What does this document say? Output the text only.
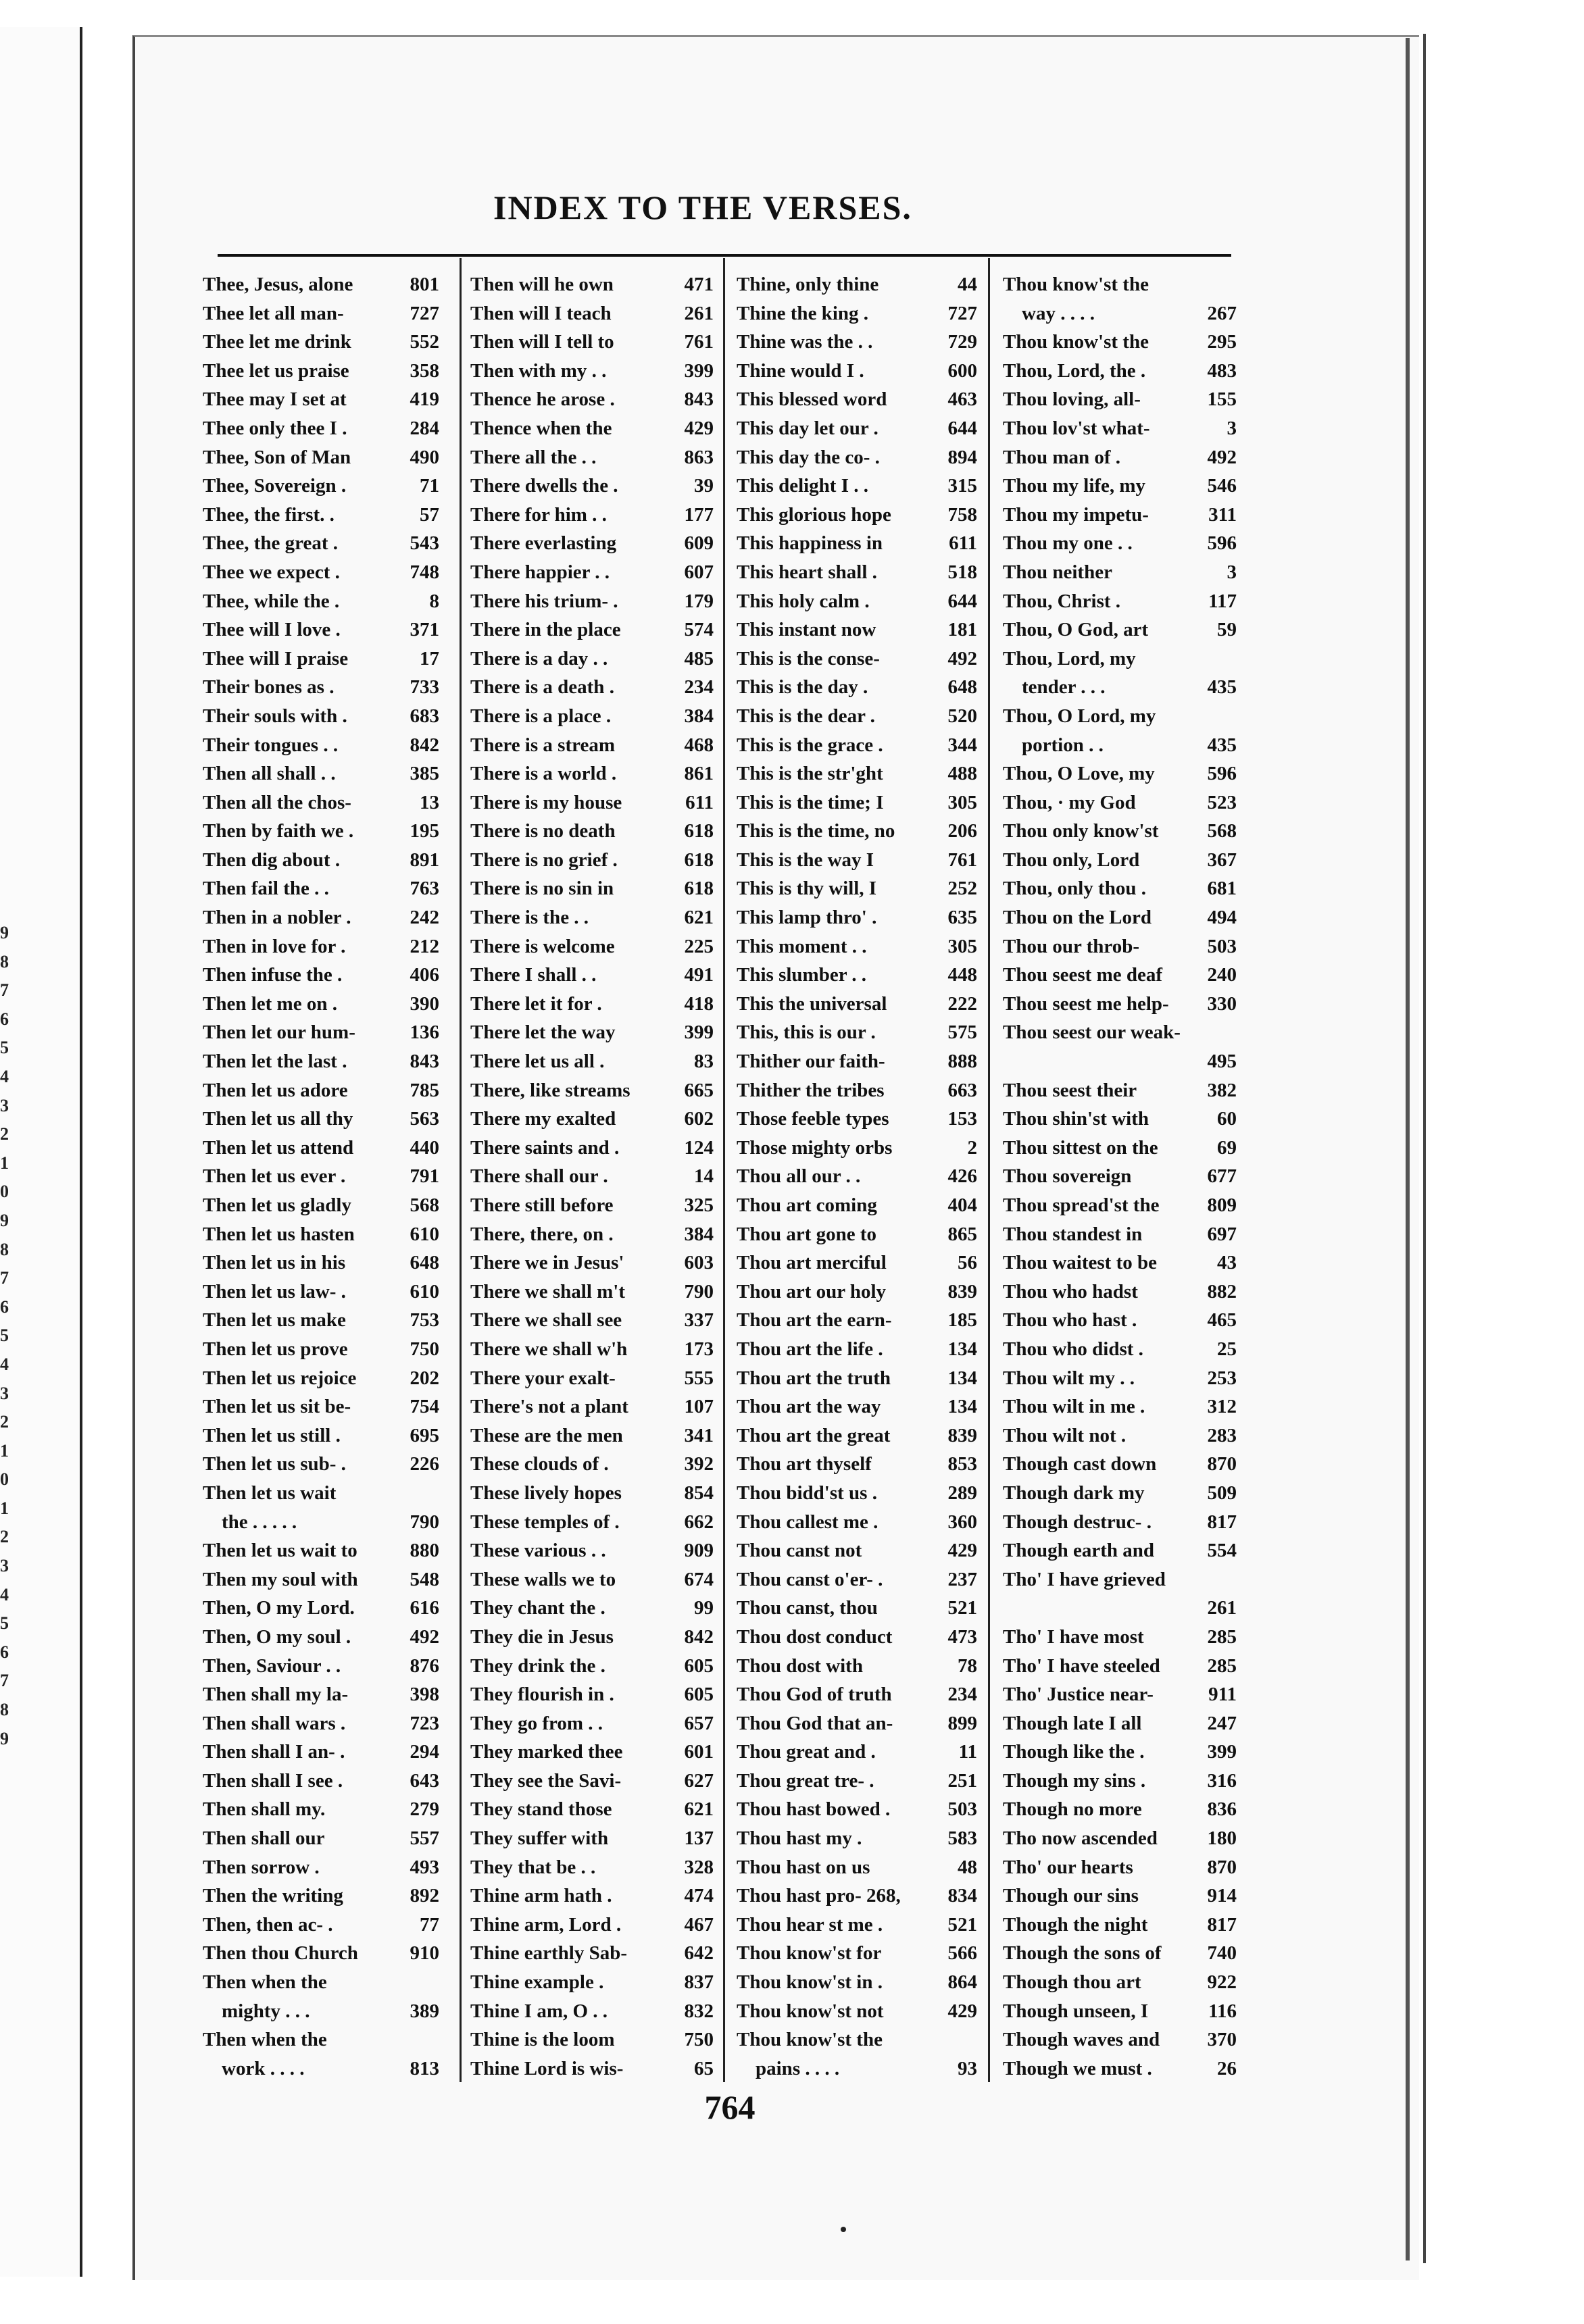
9
8
7
6
5
4
3
2
1
0
9
8
7
6
5
4
3
2
1
0
1
2
3
4
5
6
7
8
9
INDEX TO THE VERSES.
Thee, Jesus, alone	801
Thee let all man-	727
Thee let me drink	552
Thee let us praise	358
Thee may I set at	419
Thee only thee I .	284
Thee, Son of Man	490
Thee, Sovereign .	71
Thee, the first. .	57
Thee, the great .	543
Thee we expect .	748
Thee, while the .	8
Thee will I love .	371
Thee will I praise	17
Their bones as .	733
Their souls with .	683
Their tongues . .	842
Then all shall . .	385
Then all the chos-	13
Then by faith we .	195
Then dig about .	891
Then fail the . .	763
Then in a nobler .	242
Then in love for .	212
Then infuse the .	406
Then let me on .	390
Then let our hum-	136
Then let the last .	843
Then let us adore	785
Then let us all thy	563
Then let us attend	440
Then let us ever .	791
Then let us gladly	568
Then let us hasten	610
Then let us in his	648
Then let us law- .	610
Then let us make	753
Then let us prove	750
Then let us rejoice	202
Then let us sit be-	754
Then let us still .	695
Then let us sub- .	226
Then let us wait
the . . . . .	790
Then let us wait to	880
Then my soul with	548
Then, O my Lord.	616
Then, O my soul .	492
Then, Saviour . .	876
Then shall my la-	398
Then shall wars .	723
Then shall I an- .	294
Then shall I see .	643
Then shall my.	279
Then shall our	557
Then sorrow .	493
Then the writing	892
Then, then ac- .	77
Then thou Church	910
Then when the
mighty . . .	389
Then when the
work . . . .	813
Then will he own	471
Then will I teach	261
Then will I tell to	761
Then with my . .	399
Thence he arose .	843
Thence when the	429
There all the . .	863
There dwells the .	39
There for him . .	177
There everlasting	609
There happier . .	607
There his trium- .	179
There in the place	574
There is a day . .	485
There is a death .	234
There is a place .	384
There is a stream	468
There is a world .	861
There is my house	611
There is no death	618
There is no grief .	618
There is no sin in	618
There is the . .	621
There is welcome	225
There I shall . .	491
There let it for .	418
There let the way	399
There let us all .	83
There, like streams	665
There my exalted	602
There saints and .	124
There shall our .	14
There still before	325
There, there, on .	384
There we in Jesus'	603
There we shall m't	790
There we shall see	337
There we shall w'h	173
There your exalt-	555
There's not a plant	107
These are the men	341
These clouds of .	392
These lively hopes	854
These temples of .	662
These various . .	909
These walls we to	674
They chant the .	99
They die in Jesus	842
They drink the .	605
They flourish in .	605
They go from . .	657
They marked thee	601
They see the Savi-	627
They stand those	621
They suffer with	137
They that be . .	328
Thine arm hath .	474
Thine arm, Lord .	467
Thine earthly Sab-	642
Thine example .	837
Thine I am, O . .	832
Thine is the loom	750
Thine Lord is wis-	65
Thine, only thine	44
Thine the king .	727
Thine was the . .	729
Thine would I .	600
This blessed word	463
This day let our .	644
This day the co- .	894
This delight I . .	315
This glorious hope	758
This happiness in	611
This heart shall .	518
This holy calm .	644
This instant now	181
This is the conse-	492
This is the day .	648
This is the dear .	520
This is the grace .	344
This is the str'ght	488
This is the time; I	305
This is the time, no	206
This is the way I	761
This is thy will, I	252
This lamp thro' .	635
This moment . .	305
This slumber . .	448
This the universal	222
This, this is our .	575
Thither our faith-	888
Thither the tribes	663
Those feeble types	153
Those mighty orbs	2
Thou all our . .	426
Thou art coming	404
Thou art gone to	865
Thou art merciful	56
Thou art our holy	839
Thou art the earn-	185
Thou art the life .	134
Thou art the truth	134
Thou art the way	134
Thou art the great	839
Thou art thyself	853
Thou bidd'st us .	289
Thou callest me .	360
Thou canst not	429
Thou canst o'er- .	237
Thou canst, thou	521
Thou dost conduct	473
Thou dost with	78
Thou God of truth	234
Thou God that an-	899
Thou great and .	11
Thou great tre- .	251
Thou hast bowed .	503
Thou hast my .	583
Thou hast on us	48
Thou hast pro- 268,	834
Thou hear st me .	521
Thou know'st for	566
Thou know'st in .	864
Thou know'st not	429
Thou know'st the
pains . . . .	93
Thou know'st the
way . . . .	267
Thou know'st the	295
Thou, Lord, the .	483
Thou loving, all-	155
Thou lov'st what-	3
Thou man of .	492
Thou my life, my	546
Thou my impetu-	311
Thou my one . .	596
Thou neither	3
Thou, Christ .	117
Thou, O God, art	59
Thou, Lord, my
tender . . .	435
Thou, O Lord, my
portion . .	435
Thou, O Love, my	596
Thou, · my God	523
Thou only know'st	568
Thou only, Lord	367
Thou, only thou .	681
Thou on the Lord	494
Thou our throb-	503
Thou seest me deaf	240
Thou seest me help-	330
Thou seest our weak-
495
Thou seest their	382
Thou shin'st with	60
Thou sittest on the	69
Thou sovereign	677
Thou spread'st the	809
Thou standest in	697
Thou waitest to be	43
Thou who hadst	882
Thou who hast .	465
Thou who didst .	25
Thou wilt my . .	253
Thou wilt in me .	312
Thou wilt not .	283
Though cast down	870
Though dark my	509
Though destruc- .	817
Though earth and	554
Tho' I have grieved
261
Tho' I have most	285
Tho' I have steeled	285
Tho' Justice near-	911
Though late I all	247
Though like the .	399
Though my sins .	316
Though no more	836
Tho now ascended	180
Tho' our hearts	870
Though our sins	914
Though the night	817
Though the sons of	740
Though thou art	922
Though unseen, I	116
Though waves and	370
Though we must .	26
764
